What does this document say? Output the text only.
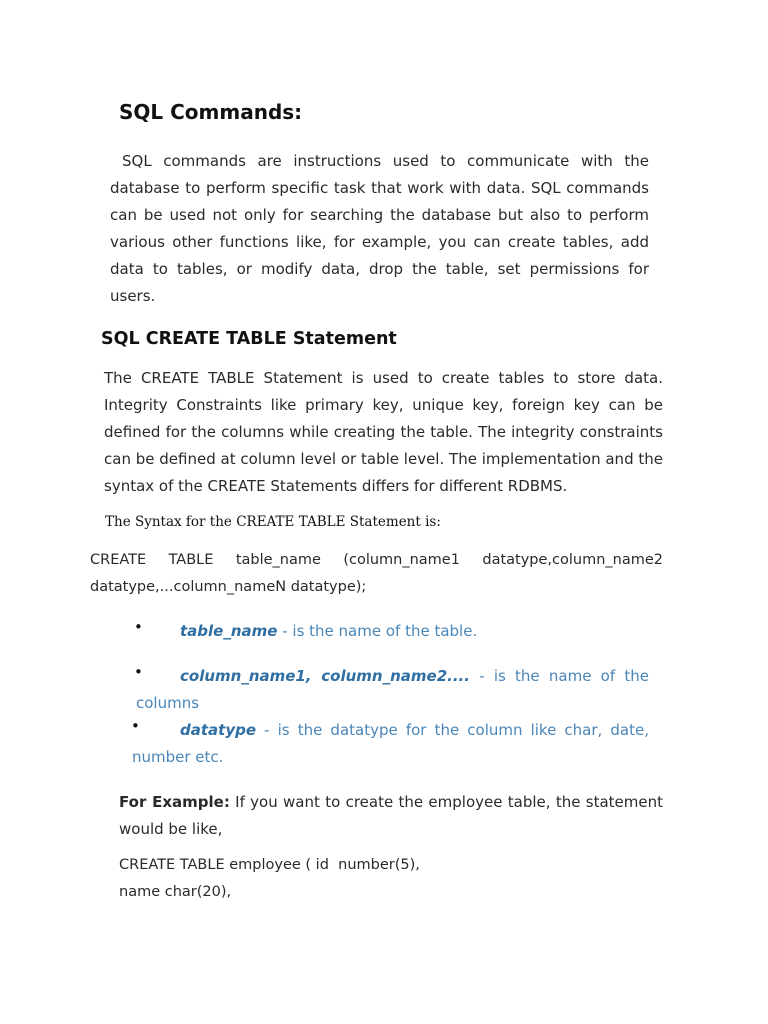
SQL Commands:

SQL commands are instructions used to communicate with the database to perform specific task that work with data. SQL commands can be used not only for searching the database but also to perform various other functions like, for example, you can create tables, add data to tables, or modify data, drop the table, set permissions for users.

SQL CREATE TABLE Statement

The CREATE TABLE Statement is used to create tables to store data. Integrity Constraints like primary key, unique key, foreign key can be defined for the columns while creating the table. The integrity constraints can be defined at column level or table level. The implementation and the syntax of the CREATE Statements differs for different RDBMS.

The Syntax for the CREATE TABLE Statement is:

CREATE TABLE table_name (column_name1 datatype,column_name2 datatype,...column_nameN datatype);

• table_name - is the name of the table.

•	column_name1, column_name2.... - is the name of the columns

•	datatype - is the datatype for the column like char, date, number etc.

For Example: If you want to create the employee table, the statement would be like,

CREATE TABLE employee ( id  number(5),
name char(20),
